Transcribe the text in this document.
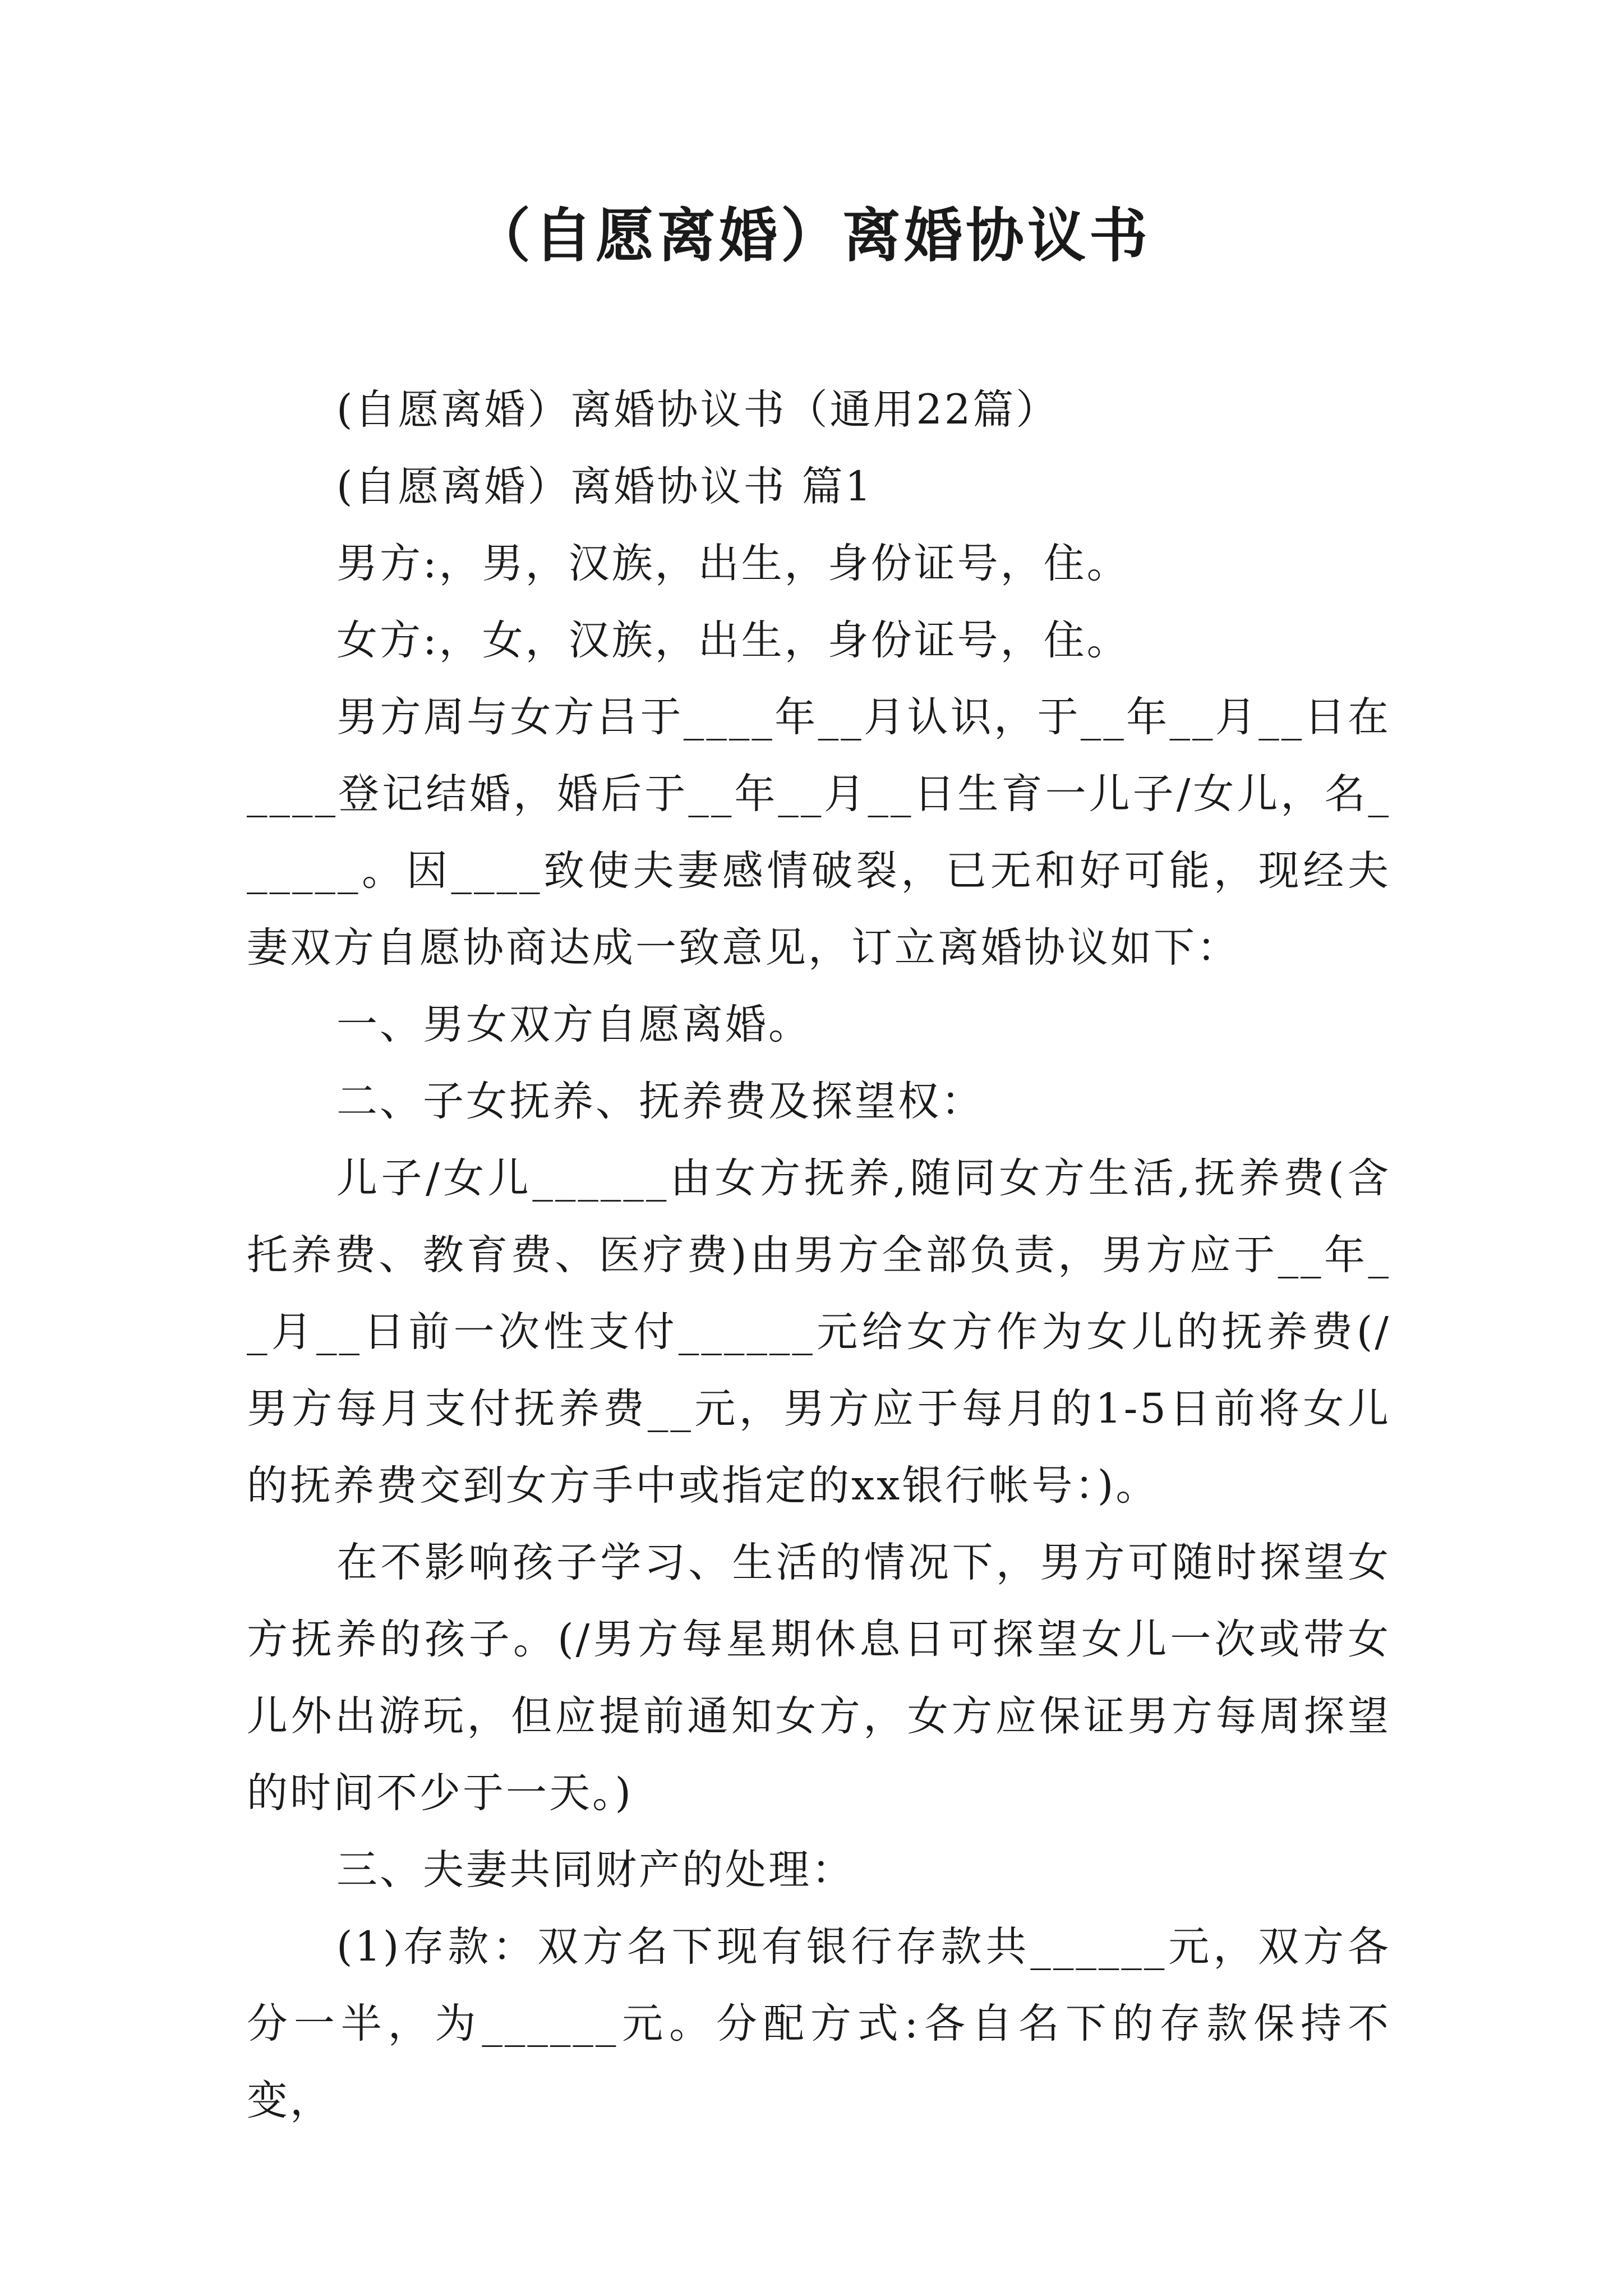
（自愿离婚）离婚协议书

(自愿离婚）离婚协议书（通用22篇）

(自愿离婚）离婚协议书 篇1

男方:，男，汉族，出生，身份证号，住。

女方:，女，汉族，出生，身份证号，住。

男方周与女方吕于____年__月认识，于__年__月__日在____登记结婚，婚后于__年__月__日生育一儿子/女儿，名______。因____致使夫妻感情破裂，已无和好可能，现经夫妻双方自愿协商达成一致意见，订立离婚协议如下：

一、男女双方自愿离婚。

二、子女抚养、抚养费及探望权：

儿子/女儿______由女方抚养,随同女方生活,抚养费(含托养费、教育费、医疗费)由男方全部负责，男方应于__年__月__日前一次性支付______元给女方作为女儿的抚养费(/男方每月支付抚养费__元，男方应于每月的1-5日前将女儿的抚养费交到女方手中或指定的xx银行帐号：)。

在不影响孩子学习、生活的情况下，男方可随时探望女方抚养的孩子。(/男方每星期休息日可探望女儿一次或带女儿外出游玩，但应提前通知女方，女方应保证男方每周探望的时间不少于一天。)

三、夫妻共同财产的处理：

(1)存款：双方名下现有银行存款共______元，双方各分一半，为______元。分配方式:各自名下的存款保持不变，
